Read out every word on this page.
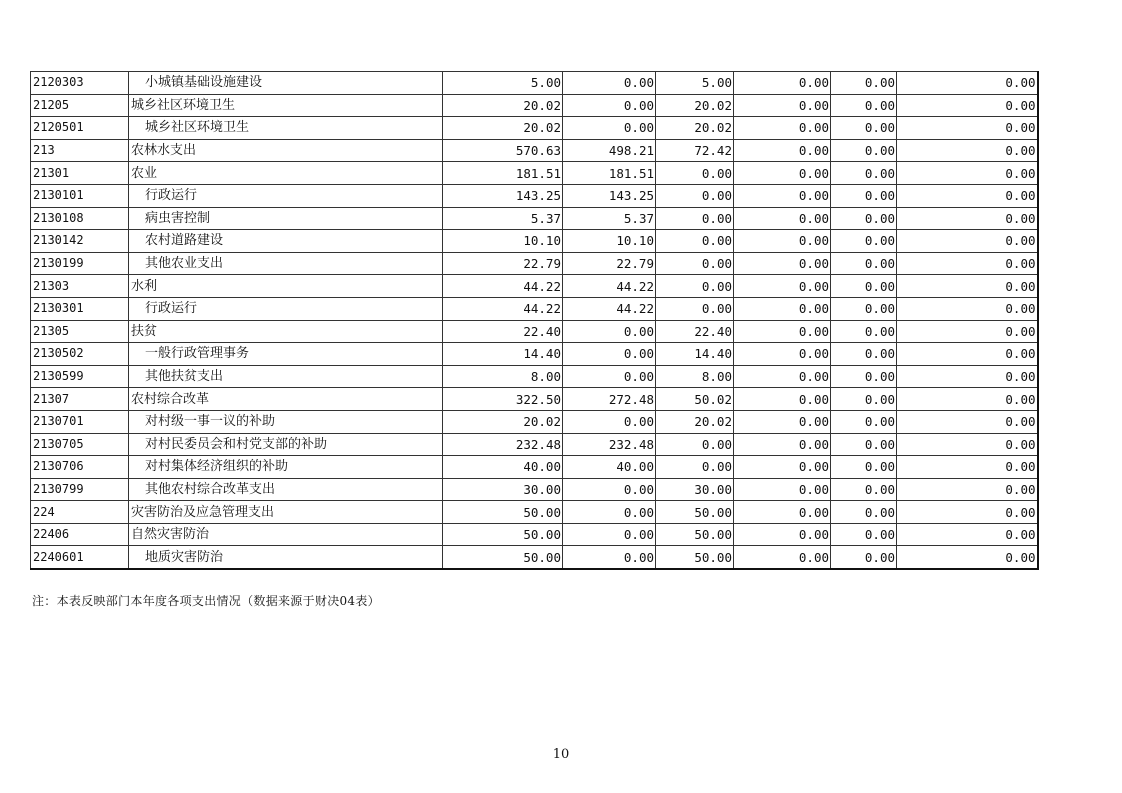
2120303	小城镇基础设施建设	5.00	0.00	5.00	0.00	0.00	0.00
21205	城乡社区环境卫生	20.02	0.00	20.02	0.00	0.00	0.00
2120501	城乡社区环境卫生	20.02	0.00	20.02	0.00	0.00	0.00
213	农林水支出	570.63	498.21	72.42	0.00	0.00	0.00
21301	农业	181.51	181.51	0.00	0.00	0.00	0.00
2130101	行政运行	143.25	143.25	0.00	0.00	0.00	0.00
2130108	病虫害控制	5.37	5.37	0.00	0.00	0.00	0.00
2130142	农村道路建设	10.10	10.10	0.00	0.00	0.00	0.00
2130199	其他农业支出	22.79	22.79	0.00	0.00	0.00	0.00
21303	水利	44.22	44.22	0.00	0.00	0.00	0.00
2130301	行政运行	44.22	44.22	0.00	0.00	0.00	0.00
21305	扶贫	22.40	0.00	22.40	0.00	0.00	0.00
2130502	一般行政管理事务	14.40	0.00	14.40	0.00	0.00	0.00
2130599	其他扶贫支出	8.00	0.00	8.00	0.00	0.00	0.00
21307	农村综合改革	322.50	272.48	50.02	0.00	0.00	0.00
2130701	对村级一事一议的补助	20.02	0.00	20.02	0.00	0.00	0.00
2130705	对村民委员会和村党支部的补助	232.48	232.48	0.00	0.00	0.00	0.00
2130706	对村集体经济组织的补助	40.00	40.00	0.00	0.00	0.00	0.00
2130799	其他农村综合改革支出	30.00	0.00	30.00	0.00	0.00	0.00
224	灾害防治及应急管理支出	50.00	0.00	50.00	0.00	0.00	0.00
22406	自然灾害防治	50.00	0.00	50.00	0.00	0.00	0.00
2240601	地质灾害防治	50.00	0.00	50.00	0.00	0.00	0.00
注：本表反映部门本年度各项支出情况（数据来源于财决04表）
10
